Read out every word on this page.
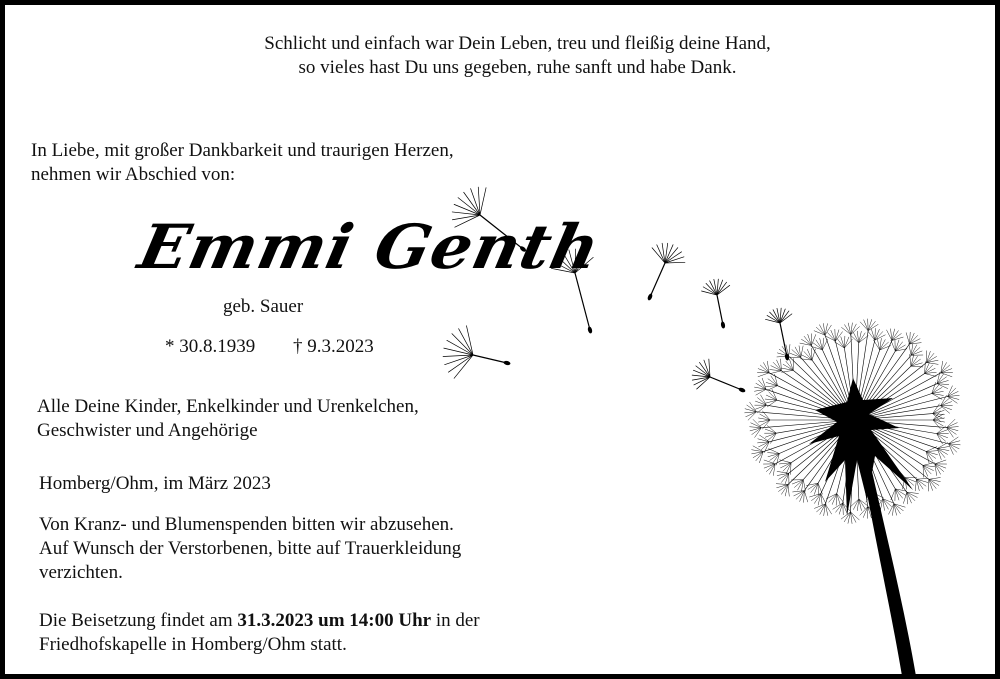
Schlicht und einfach war Dein Leben, treu und fleißig deine Hand,
so vieles hast Du uns gegeben, ruhe sanft und habe Dank.
In Liebe, mit großer Dankbarkeit und traurigen Herzen,
nehmen wir Abschied von:
Emmi Genth
geb. Sauer
* 30.8.1939 † 9.3.2023
Alle Deine Kinder, Enkelkinder und Urenkelchen,
Geschwister und Angehörige
Homberg/Ohm, im März 2023
Von Kranz- und Blumenspenden bitten wir abzusehen.
Auf Wunsch der Verstorbenen, bitte auf Trauerkleidung
verzichten.
Die Beisetzung findet am 31.3.2023 um 14:00 Uhr in der
Friedhofskapelle in Homberg/Ohm statt.
